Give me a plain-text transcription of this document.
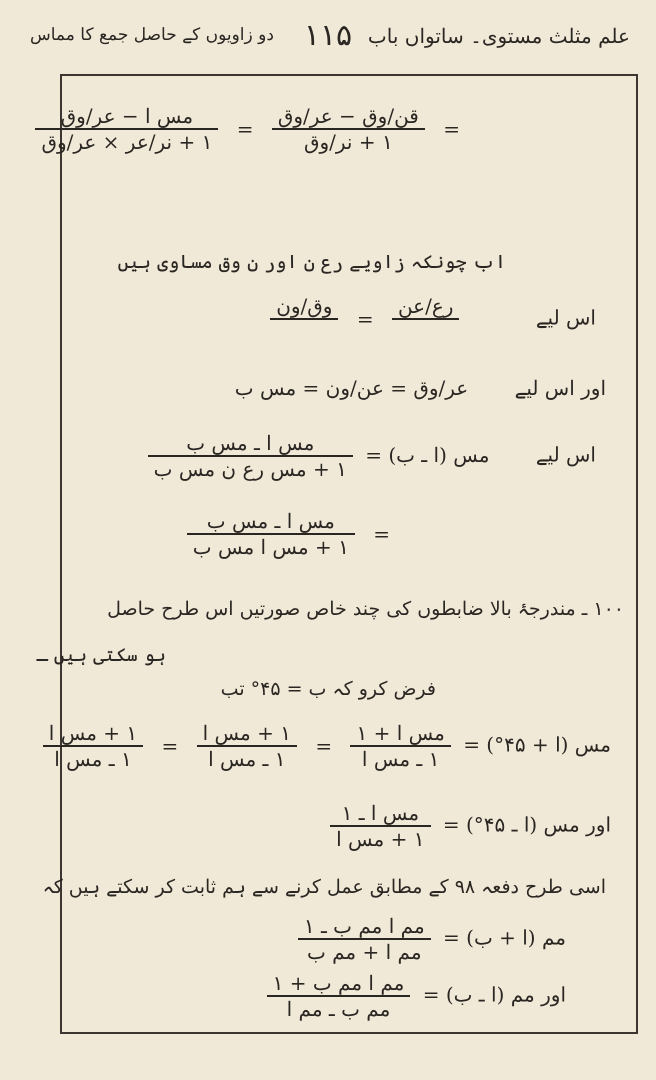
علم مثلث مستوی۔ ساتواں باب
۱۱۵
دو زاویوں کے حاصل جمع کا مماس
=
$\frac{\text{قن/وق − عر/وق}}{\text{۱ + نر/وق}}$
=
$\frac{\text{مس ا − عر/وق}}{\text{۱ + نر/عر × عر/وق}}$
اب چونکہ زاویے رع ن اور ن وق مساوی ہیں
اس لیے
رع/عن

=
وق/ون

اور اس لیے عر/وق = عن/ون = مس ب
اس لیے مس (ا ـ ب) =
$\frac{\text{مس ا ـ مس ب}}{\text{۱ + مس رع ن مس ب}}$
=
$\frac{\text{مس ا ـ مس ب}}{\text{۱ + مس ا مس ب}}$
۱۰۰ ـ مندرجۂ بالا ضابطوں کی چند خاص صورتیں اس طرح حاصل
ہو سکتی ہیں ـ
فرض کرو کہ ب = ۴۵° تب
مس (ا + ۴۵°) =
$\frac{\text{مس ا + ۱}}{\text{۱ ـ مس ا}}$
=
$\frac{\text{۱ + مس ا}}{\text{۱ ـ مس ا}}$
=
$\frac{\text{۱ + مس ا}}{\text{۱ ـ مس ا}}$
اور مس (ا ـ ۴۵°) =
$\frac{\text{مس ا ـ ۱}}{\text{۱ + مس ا}}$
اسی طرح دفعہ ۹۸ کے مطابق عمل کرنے سے ہم ثابت کر سکتے ہیں کہ
مم (ا + ب) =
$\frac{\text{مم ا مم ب ـ ۱}}{\text{مم ا + مم ب}}$
اور مم (ا ـ ب) =
$\frac{\text{مم ا مم ب + ۱}}{\text{مم ب ـ مم ا}}$
